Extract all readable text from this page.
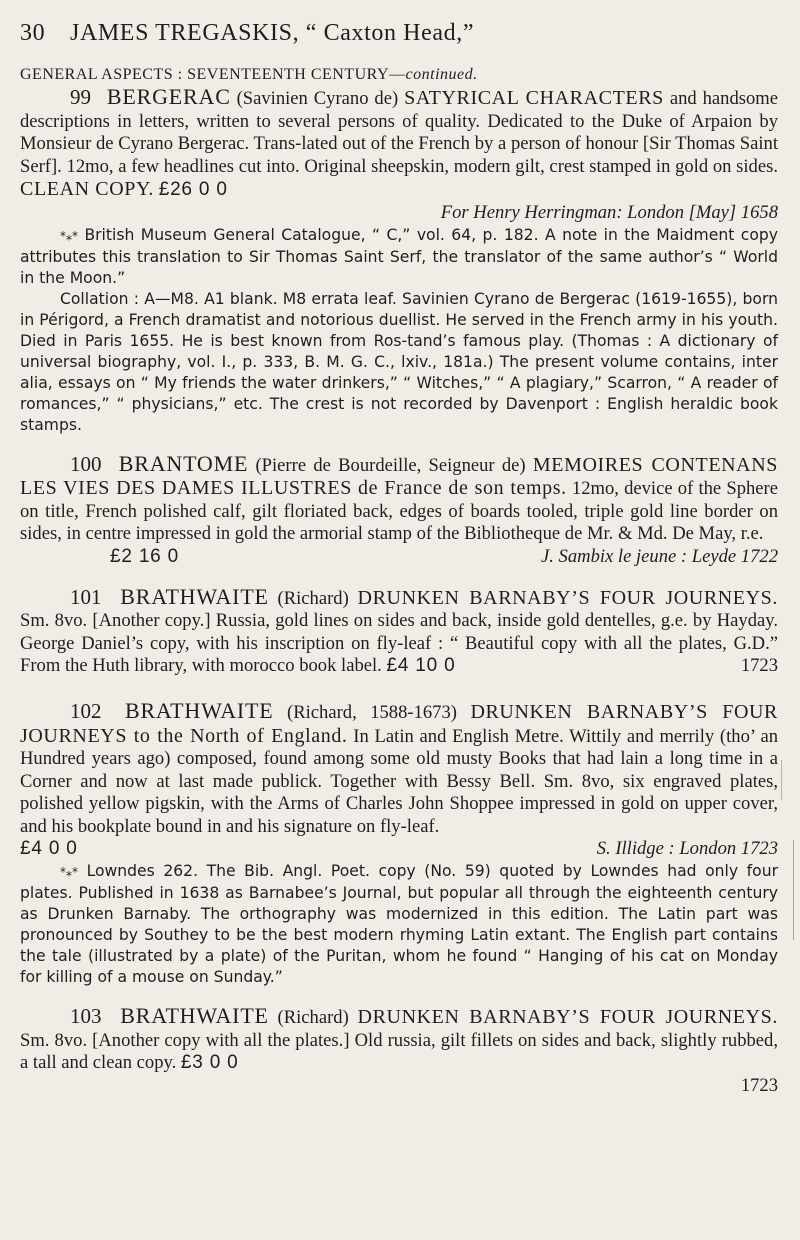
30	JAMES TREGASKIS, “ Caxton Head,”
GENERAL ASPECTS : SEVENTEENTH CENTURY—continued.

99 BERGERAC (Savinien Cyrano de) SATYRICAL CHARACTERS and handsome descriptions in letters, written to several persons of quality. Dedicated to the Duke of Arpaion by Monsieur de Cyrano Bergerac. Trans-lated out of the French by a person of honour [Sir Thomas Saint Serf]. 12mo, a few headlines cut into. Original sheepskin, modern gilt, crest stamped in gold on sides. CLEAN COPY. £26 0 0

For Henry Herringman: London [May] 1658

*⁎* British Museum General Catalogue, “ C,” vol. 64, p. 182. A note in the Maidment copy attributes this translation to Sir Thomas Saint Serf, the translator of the same author’s “ World in the Moon.”

Collation : A—M8. A1 blank. M8 errata leaf. Savinien Cyrano de Bergerac (1619-1655), born in Périgord, a French dramatist and notorious duellist. He served in the French army in his youth. Died in Paris 1655. He is best known from Ros-tand’s famous play. (Thomas : A dictionary of universal biography, vol. I., p. 333, B. M. G. C., lxiv., 181a.) The present volume contains, inter alia, essays on “ My friends the water drinkers,” “ Witches,” “ A plagiary,” Scarron, “ A reader of romances,” “ physicians,” etc. The crest is not recorded by Davenport : English heraldic book stamps.

100 BRANTOME (Pierre de Bourdeille, Seigneur de) MEMOIRES CONTENANS LES VIES DES DAMES ILLUSTRES de France de son temps. 12mo, device of the Sphere on title, French polished calf, gilt floriated back, edges of boards tooled, triple gold line border on sides, in centre impressed in gold the armorial stamp of the Bibliotheque de Mr. & Md. De May, r.e.

£2 16 0	J. Sambix le jeune : Leyde 1722

101 BRATHWAITE (Richard) DRUNKEN BARNABY’S FOUR JOURNEYS. Sm. 8vo. [Another copy.] Russia, gold lines on sides and back, inside gold dentelles, g.e. by Hayday. George Daniel’s copy, with his inscription on fly-leaf : “ Beautiful copy with all the plates, G.D.” From the Huth library, with morocco book label. £4 10 0	1723

102 BRATHWAITE (Richard, 1588-1673) DRUNKEN BARNABY’S FOUR JOURNEYS to the North of England. In Latin and English Metre. Wittily and merrily (tho’ an Hundred years ago) composed, found among some old musty Books that had lain a long time in a Corner and now at last made publick. Together with Bessy Bell. Sm. 8vo, six engraved plates, polished yellow pigskin, with the Arms of Charles John Shoppee impressed in gold on upper cover, and his bookplate bound in and his signature on fly-leaf.

£4 0 0	S. Illidge : London 1723

*⁎* Lowndes 262. The Bib. Angl. Poet. copy (No. 59) quoted by Lowndes had only four plates. Published in 1638 as Barnabee’s Journal, but popular all through the eighteenth century as Drunken Barnaby. The orthography was modernized in this edition. The Latin part was pronounced by Southey to be the best modern rhyming Latin extant. The English part contains the tale (illustrated by a plate) of the Puritan, whom he found “ Hanging of his cat on Monday for killing of a mouse on Sunday.”

103 BRATHWAITE (Richard) DRUNKEN BARNABY’S FOUR JOURNEYS. Sm. 8vo. [Another copy with all the plates.] Old russia, gilt fillets on sides and back, slightly rubbed, a tall and clean copy. £3 0 0

1723
